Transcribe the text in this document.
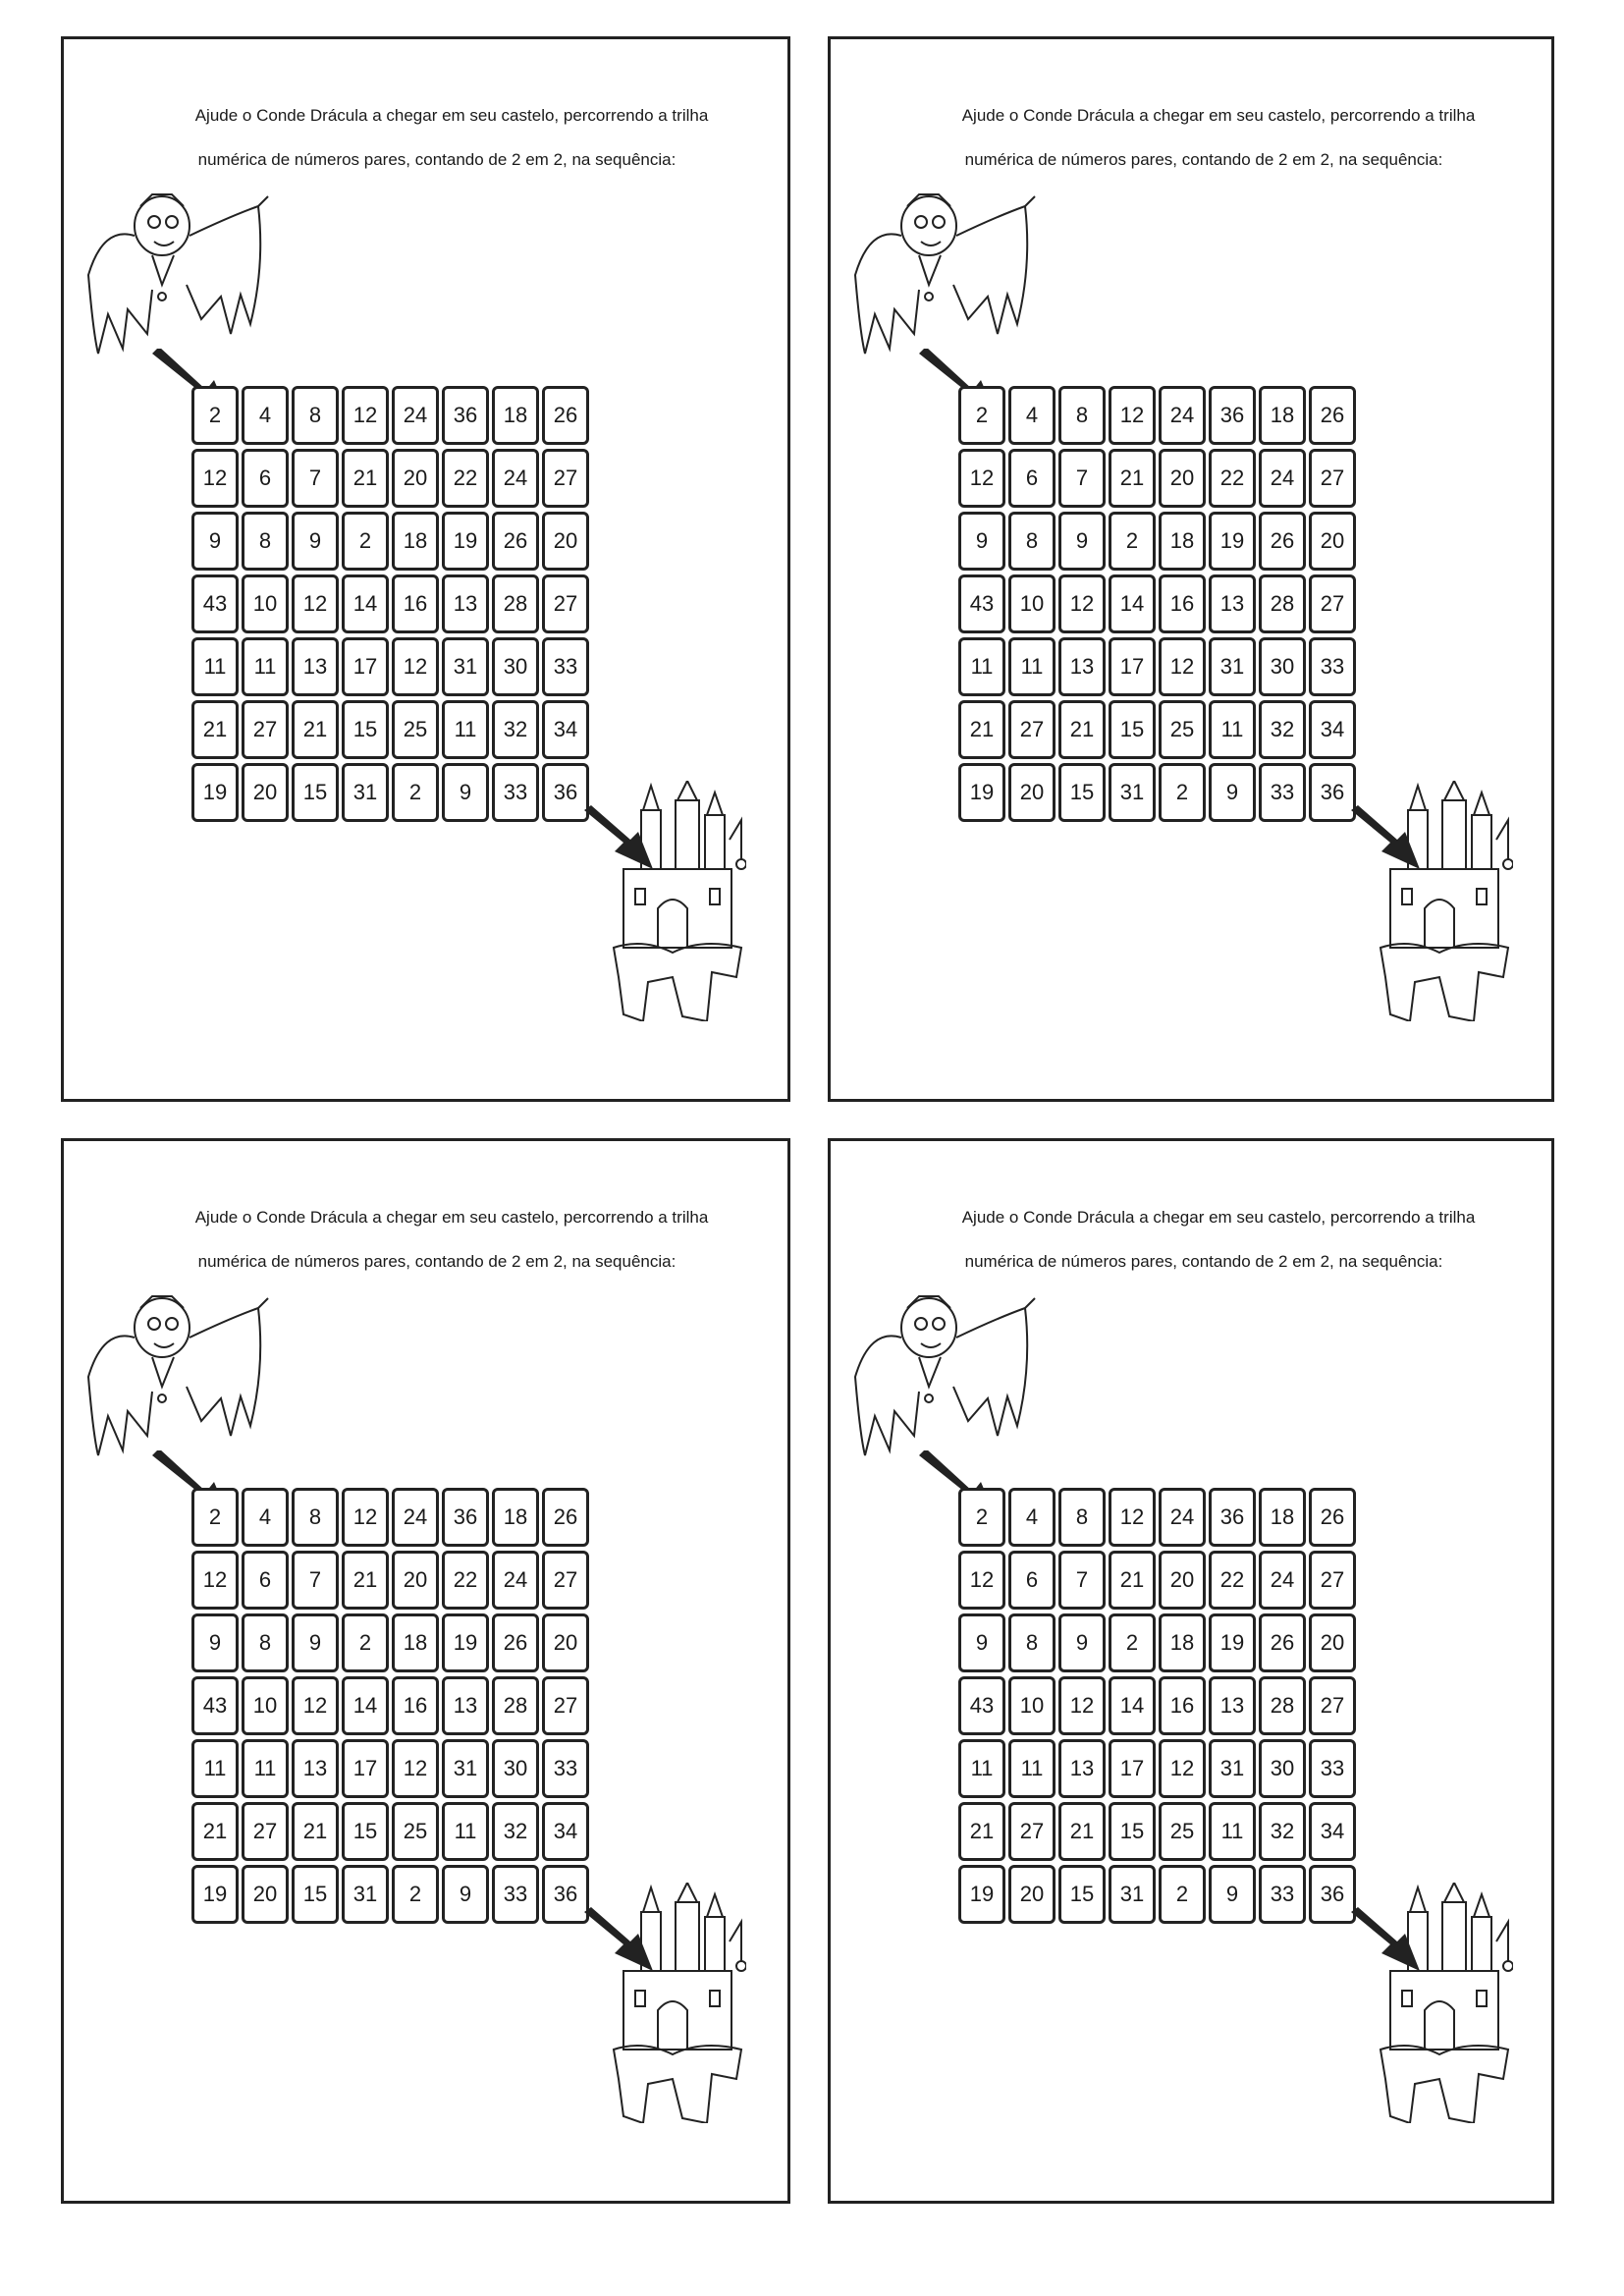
Ajude o Conde Drácula a chegar em seu castelo, percorrendo a trilha
numérica de números pares, contando de 2 em 2, na sequência:
2	4	8	12	24	36	18	26
12	6	7	21	20	22	24	27
9	8	9	2	18	19	26	20
43	10	12	14	16	13	28	27
11	11	13	17	12	31	30	33
21	27	21	15	25	11	32	34
19	20	15	31	2	9	33	36
Ajude o Conde Drácula a chegar em seu castelo, percorrendo a trilha
numérica de números pares, contando de 2 em 2, na sequência:
2	4	8	12	24	36	18	26
12	6	7	21	20	22	24	27
9	8	9	2	18	19	26	20
43	10	12	14	16	13	28	27
11	11	13	17	12	31	30	33
21	27	21	15	25	11	32	34
19	20	15	31	2	9	33	36
Ajude o Conde Drácula a chegar em seu castelo, percorrendo a trilha
numérica de números pares, contando de 2 em 2, na sequência:
2	4	8	12	24	36	18	26
12	6	7	21	20	22	24	27
9	8	9	2	18	19	26	20
43	10	12	14	16	13	28	27
11	11	13	17	12	31	30	33
21	27	21	15	25	11	32	34
19	20	15	31	2	9	33	36
Ajude o Conde Drácula a chegar em seu castelo, percorrendo a trilha
numérica de números pares, contando de 2 em 2, na sequência:
2	4	8	12	24	36	18	26
12	6	7	21	20	22	24	27
9	8	9	2	18	19	26	20
43	10	12	14	16	13	28	27
11	11	13	17	12	31	30	33
21	27	21	15	25	11	32	34
19	20	15	31	2	9	33	36
